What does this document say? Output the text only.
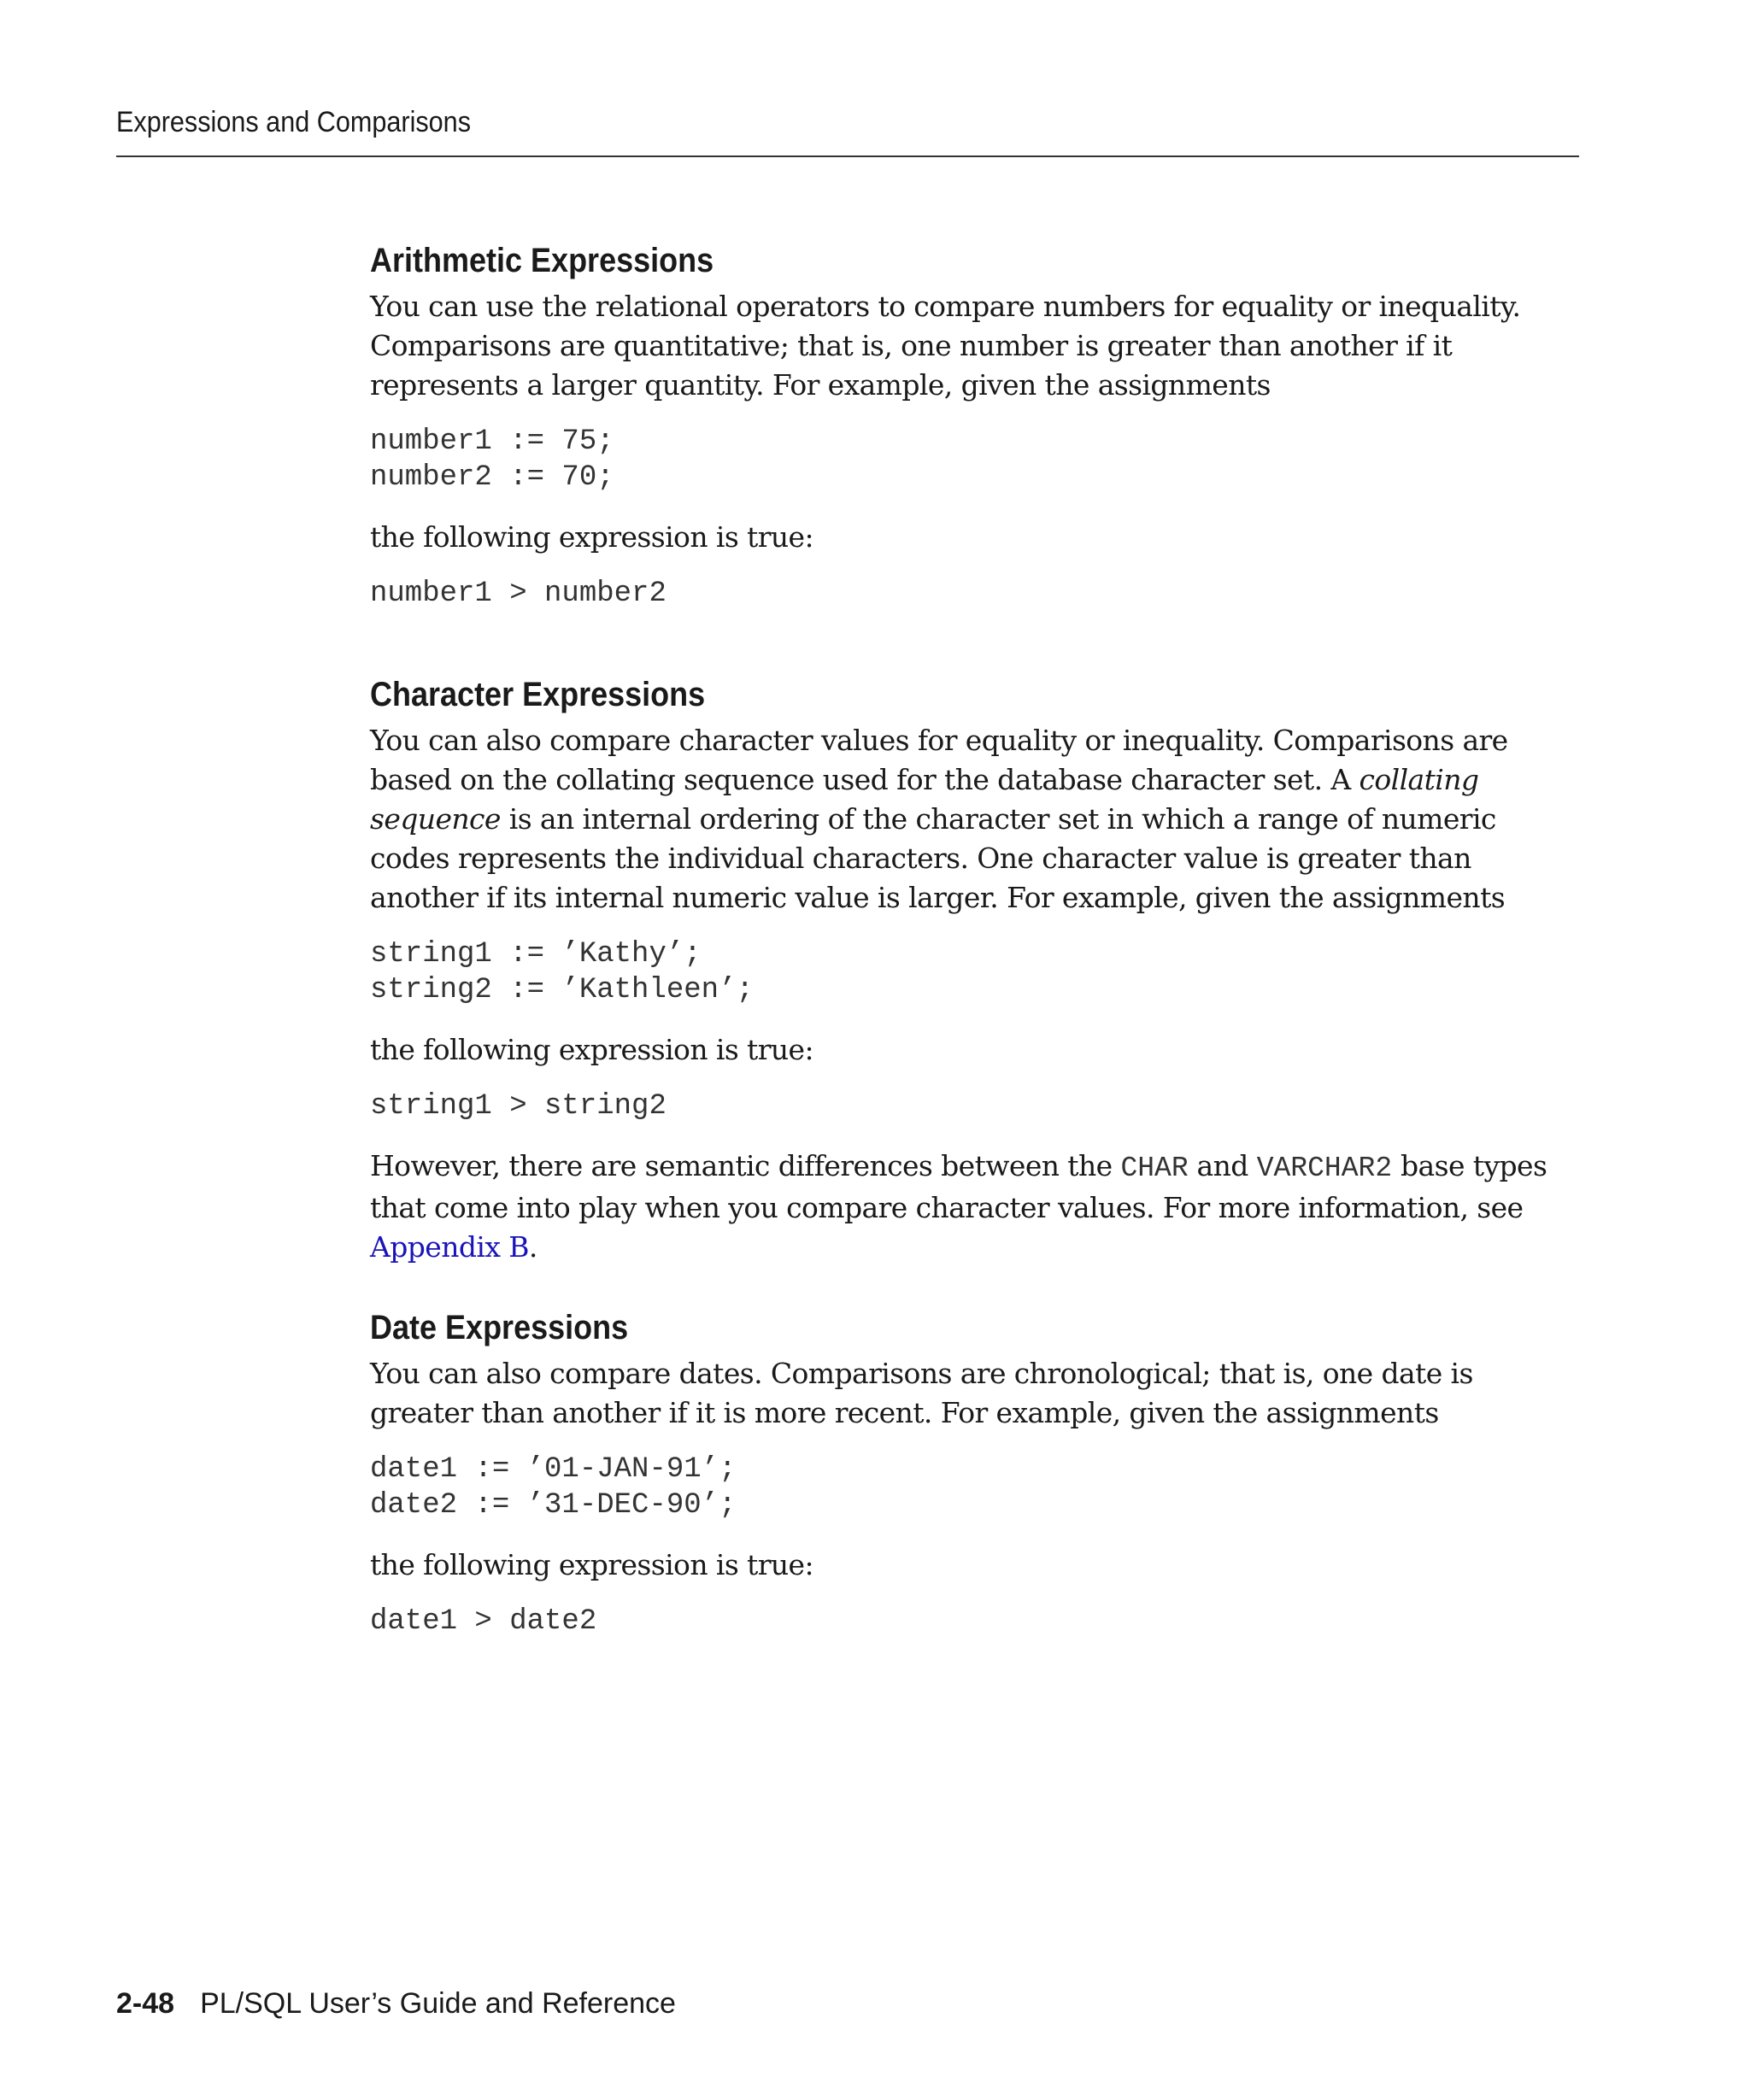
Expressions and Comparisons
Arithmetic Expressions

You can use the relational operators to compare numbers for equality or inequality. Comparisons are quantitative; that is, one number is greater than another if it represents a larger quantity. For example, given the assignments

number1 := 75;
number2 := 70;

the following expression is true:

number1 > number2
Character Expressions

You can also compare character values for equality or inequality. Comparisons are based on the collating sequence used for the database character set. A collating sequence is an internal ordering of the character set in which a range of numeric codes represents the individual characters. One character value is greater than another if its internal numeric value is larger. For example, given the assignments

string1 := ’Kathy’;
string2 := ’Kathleen’;

the following expression is true:

string1 > string2

However, there are semantic differences between the CHAR and VARCHAR2 base types that come into play when you compare character values. For more information, see Appendix B.

Date Expressions

You can also compare dates. Comparisons are chronological; that is, one date is greater than another if it is more recent. For example, given the assignments

date1 := ’01-JAN-91’;
date2 := ’31-DEC-90’;

the following expression is true:

date1 > date2
2-48 PL/SQL User’s Guide and Reference
